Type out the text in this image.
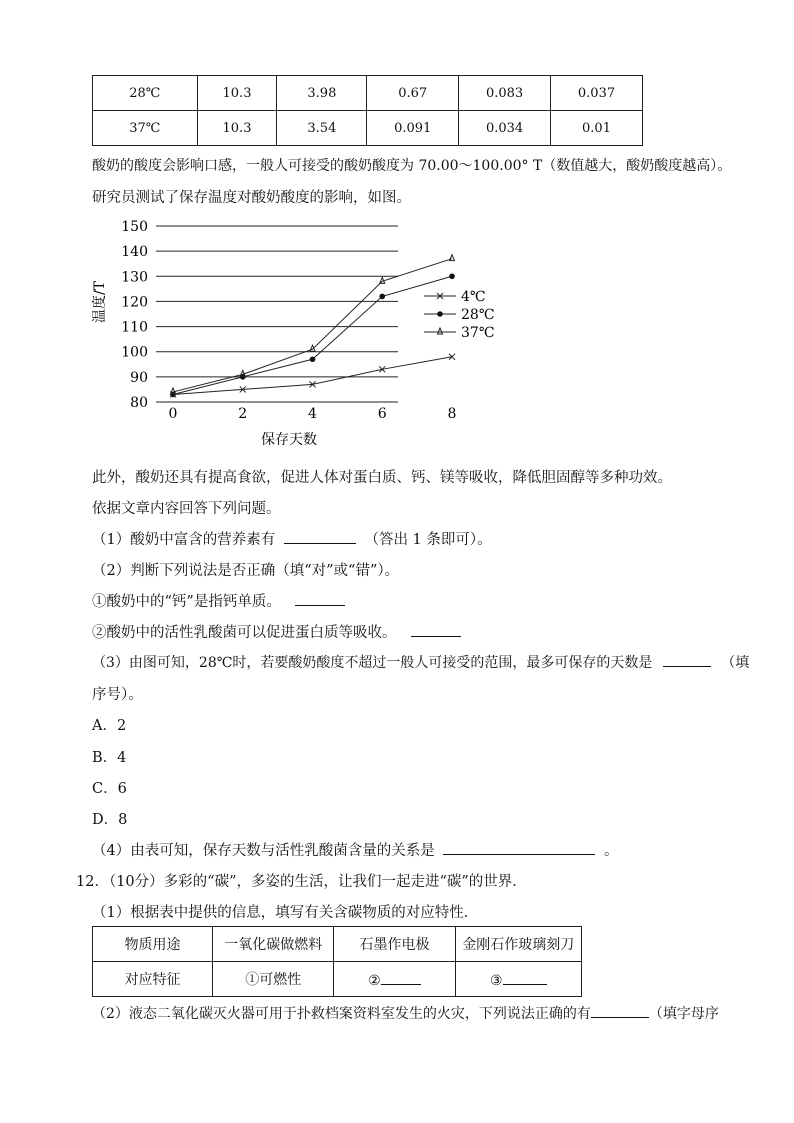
28℃	10.3	3.98	0.67	0.083	0.037
37℃	10.3	3.54	0.091	0.034	0.01
酸奶的酸度会影响口感，一般人可接受的酸奶酸度为 70.00～100.00° T（数值越大，酸奶酸度越高）。
研究员测试了保存温度对酸奶酸度的影响，如图。
80
90
100
110
120
130
140
150
0	2	4	6	8
4℃
28℃
37℃
温度/T
保存天数
此外，酸奶还具有提高食欲，促进人体对蛋白质、钙、镁等吸收，降低胆固醇等多种功效。
依据文章内容回答下列问题。
（1）酸奶中富含的营养素有	（答出 1 条即可）。
（2）判断下列说法是否正确（填“对”或“错”）。
①酸奶中的“钙”是指钙单质。
②酸奶中的活性乳酸菌可以促进蛋白质等吸收。
（3）由图可知，28℃时，若要酸奶酸度不超过一般人可接受的范围，最多可保存的天数是	（填
序号）。
A．2
B．4
C．6
D．8
（4）由表可知，保存天数与活性乳酸菌含量的关系是	。
12．（10分）多彩的“碳”，多姿的生活，让我们一起走进“碳”的世界．
（1）根据表中提供的信息，填写有关含碳物质的对应特性．
物质用途	一氧化碳做燃料	石墨作电极	金刚石作玻璃刻刀
对应特征	①可燃性	②	③
（2）液态二氧化碳灭火器可用于扑救档案资料室发生的火灾，下列说法正确的有	（填字母序
